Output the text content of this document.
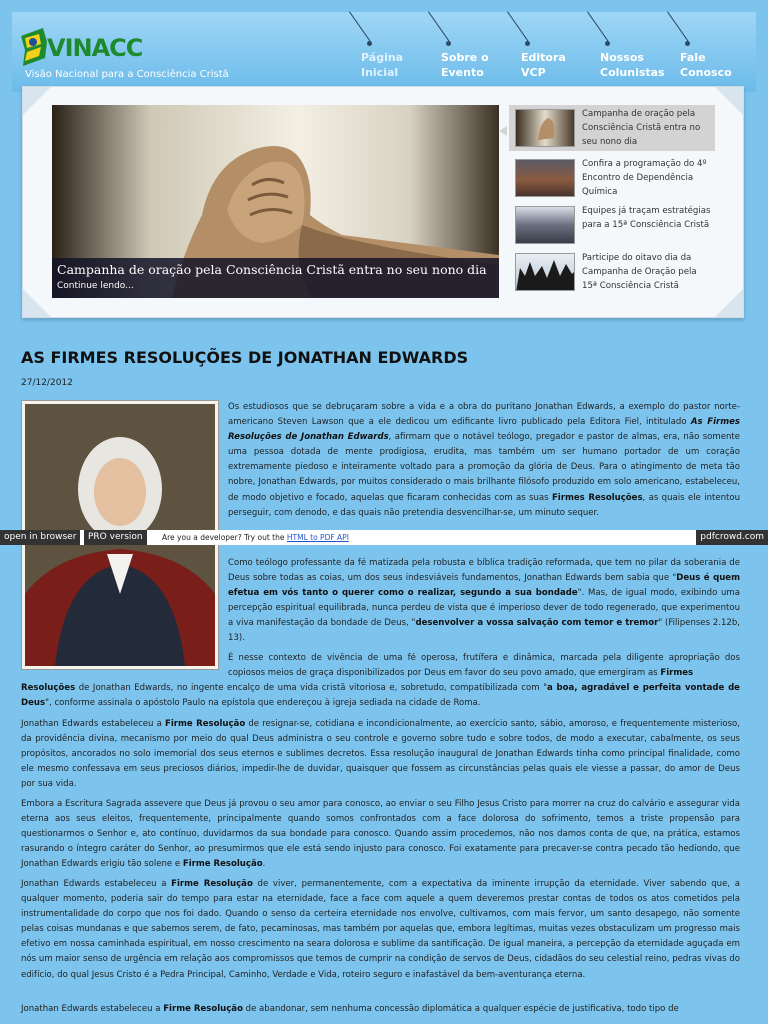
VINACC
Visão Nacional para a Consciência Cristã
Página
Inicial
Sobre o
Evento
Editora
VCP
Nossos
Colunistas
Fale
Conosco
Campanha de oração pela Consciência Cristã entra no seu nono dia
Continue lendo...
Campanha de oração pela Consciência Cristã entra no seu nono dia
Confira a programação do 4º Encontro de Dependência Química
Equipes já traçam estratégias para a 15ª Consciência Cristã
Participe do oitavo dia da Campanha de Oração pela 15ª Consciência Cristã
AS FIRMES RESOLUÇÕES DE JONATHAN EDWARDS
27/12/2012
Os estudiosos que se debruçaram sobre a vida e a obra do puritano Jonathan Edwards, a exemplo do pastor norte-americano Steven Lawson que a ele dedicou um edificante livro publicado pela Editora Fiel, intitulado As Firmes Resoluções de Jonathan Edwards, afirmam que o notável teólogo, pregador e pastor de almas, era, não somente uma pessoa dotada de mente prodigiosa, erudita, mas também um ser humano portador de um coração extremamente piedoso e inteiramente voltado para a promoção da glória de Deus. Para o atingimento de meta tão nobre, Jonathan Edwards, por muitos considerado o mais brilhante filósofo produzido em solo americano, estabeleceu, de modo objetivo e focado, aquelas que ficaram conhecidas com as suas Firmes Resoluções, as quais ele intentou perseguir, com denodo, e das quais não pretendia desvencilhar-se, um minuto sequer.
Como teólogo professante da fé matizada pela robusta e bíblica tradição reformada, que tem no pilar da soberania de Deus sobre todas as coias, um dos seus indesviáveis fundamentos, Jonathan Edwards bem sabia que "Deus é quem efetua em vós tanto o querer como o realizar, segundo a sua bondade". Mas, de igual modo, exibindo uma percepção espiritual equilibrada, nunca perdeu de vista que é imperioso dever de todo regenerado, que experimentou a viva manifestação da bondade de Deus, "desenvolver a vossa salvação com temor e tremor" (Filipenses 2.12b, 13).
É nesse contexto de vivência de uma fé operosa, frutífera e dinâmica, marcada pela diligente apropriação dos copiosos meios de graça disponibilizados por Deus em favor do seu povo amado, que emergiram as Firmes
Resoluções de Jonathan Edwards, no ingente encalço de uma vida cristã vitoriosa e, sobretudo, compatibilizada com "a boa, agradável e perfeita vontade de Deus", conforme assinala o apóstolo Paulo na epístola que endereçou à igreja sediada na cidade de Roma.
Jonathan Edwards estabeleceu a Firme Resolução de resignar-se, cotidiana e incondicionalmente, ao exercício santo, sábio, amoroso, e frequentemente misterioso, da providência divina, mecanismo por meio do qual Deus administra o seu controle e governo sobre tudo e sobre todos, de modo a executar, cabalmente, os seus propósitos, ancorados no solo imemorial dos seus eternos e sublimes decretos. Essa resolução inaugural de Jonathan Edwards tinha como principal finalidade, como ele mesmo confessava em seus preciosos diários, impedir-lhe de duvidar, quaisquer que fossem as circunstâncias pelas quais ele viesse a passar, do amor de Deus por sua vida.
Embora a Escritura Sagrada assevere que Deus já provou o seu amor para conosco, ao enviar o seu Filho Jesus Cristo para morrer na cruz do calvário e assegurar vida eterna aos seus eleitos, frequentemente, principalmente quando somos confrontados com a face dolorosa do sofrimento, temos a triste propensão para questionarmos o Senhor e, ato contínuo, duvidarmos da sua bondade para conosco. Quando assim procedemos, não nos damos conta de que, na prática, estamos rasurando o íntegro caráter do Senhor, ao presumirmos que ele está sendo injusto para conosco. Foi exatamente para precaver-se contra pecado tão hediondo, que Jonathan Edwards erigiu tão solene e Firme Resolução.
Jonathan Edwards estabeleceu a Firme Resolução de viver, permanentemente, com a expectativa da iminente irrupção da eternidade. Viver sabendo que, a qualquer momento, poderia sair do tempo para estar na eternidade, face a face com aquele a quem deveremos prestar contas de todos os atos cometidos pela instrumentalidade do corpo que nos foi dado. Quando o senso da certeira eternidade nos envolve, cultivamos, com mais fervor, um santo desapego, não somente pelas coisas mundanas e que sabemos serem, de fato, pecaminosas, mas também por aquelas que, embora legítimas, muitas vezes obstaculizam um progresso mais efetivo em nossa caminhada espiritual, em nosso crescimento na seara dolorosa e sublime da santificação. De igual maneira, a percepção da eternidade aguçada em nós um maior senso de urgência em relação aos compromissos que temos de cumprir na condição de servos de Deus, cidadãos do seu celestial reino, pedras vivas do edifício, do qual Jesus Cristo é a Pedra Principal, Caminho, Verdade e Vida, roteiro seguro e inafastável da bem-aventurança eterna.
Jonathan Edwards estabeleceu a Firme Resolução de abandonar, sem nenhuma concessão diplomática a qualquer espécie de justificativa, todo tipo de
open in browser	PRO version	Are you a developer? Try out the HTML to PDF API	pdfcrowd.com
